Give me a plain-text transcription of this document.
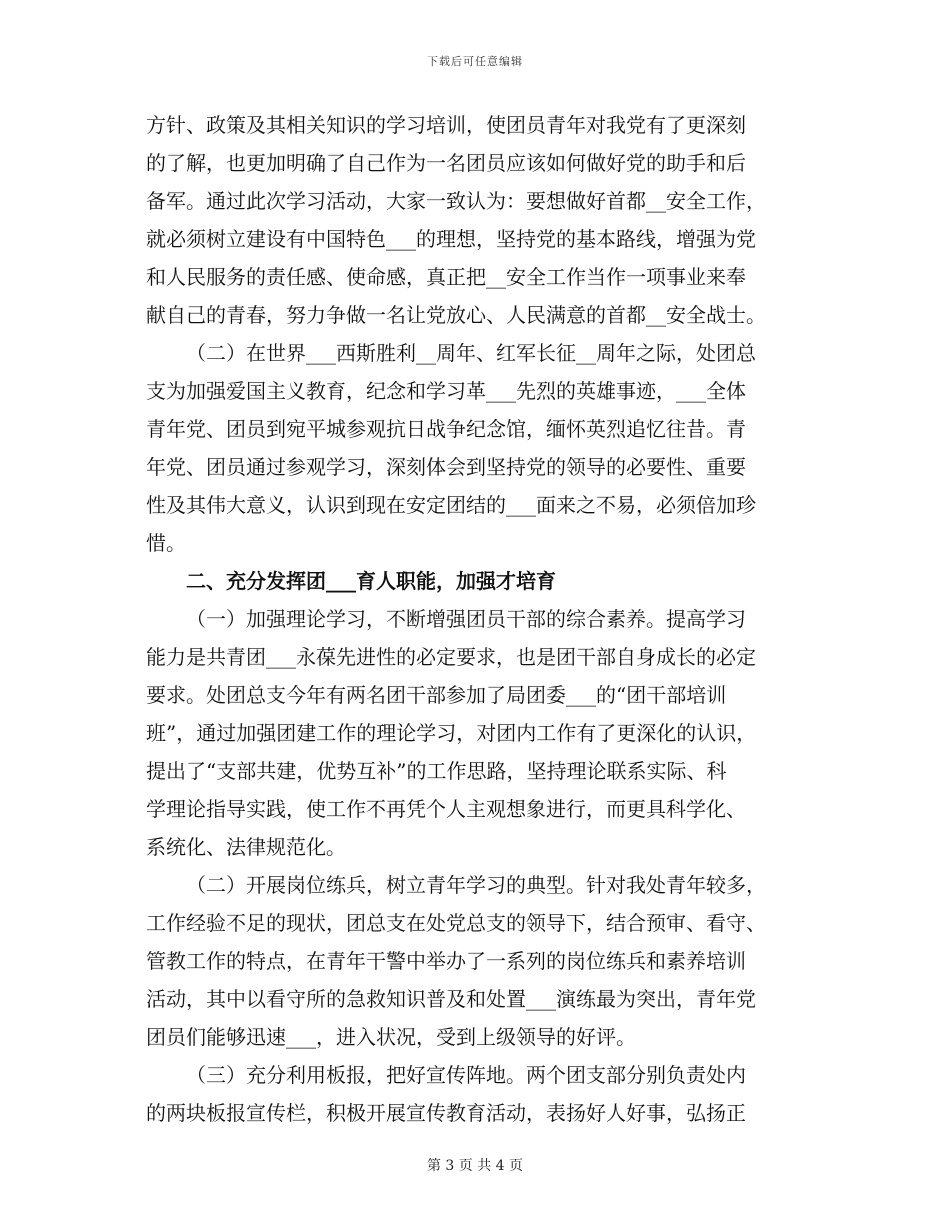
下载后可任意编辑
方针、政策及其相关知识的学习培训，使团员青年对我党有了更深刻
的了解，也更加明确了自己作为一名团员应该如何做好党的助手和后
备军。通过此次学习活动，大家一致认为：要想做好首都__安全工作，
就必须树立建设有中国特色___的理想，坚持党的基本路线，增强为党
和人民服务的责任感、使命感，真正把__安全工作当作一项事业来奉
献自己的青春，努力争做一名让党放心、人民满意的首都__安全战士。
（二）在世界___西斯胜利__周年、红军长征__周年之际，处团总
支为加强爱国主义教育，纪念和学习革___先烈的英雄事迹，___全体
青年党、团员到宛平城参观抗日战争纪念馆，缅怀英烈追忆往昔。青
年党、团员通过参观学习，深刻体会到坚持党的领导的必要性、重要
性及其伟大意义，认识到现在安定团结的___面来之不易，必须倍加珍
惜。
二、充分发挥团___育人职能，加强才培育
（一）加强理论学习，不断增强团员干部的综合素养。提高学习
能力是共青团___永葆先进性的必定要求，也是团干部自身成长的必定
要求。处团总支今年有两名团干部参加了局团委___的“团干部培训
班”，通过加强团建工作的理论学习，对团内工作有了更深化的认识，
提出了“支部共建，优势互补”的工作思路，坚持理论联系实际、科
学理论指导实践，使工作不再凭个人主观想象进行，而更具科学化、
系统化、法律规范化。
（二）开展岗位练兵，树立青年学习的典型。针对我处青年较多，
工作经验不足的现状，团总支在处党总支的领导下，结合预审、看守、
管教工作的特点，在青年干警中举办了一系列的岗位练兵和素养培训
活动，其中以看守所的急救知识普及和处置___演练最为突出，青年党
团员们能够迅速___，进入状况，受到上级领导的好评。
（三）充分利用板报，把好宣传阵地。两个团支部分别负责处内
的两块板报宣传栏，积极开展宣传教育活动，表扬好人好事，弘扬正
第 3 页 共 4 页
